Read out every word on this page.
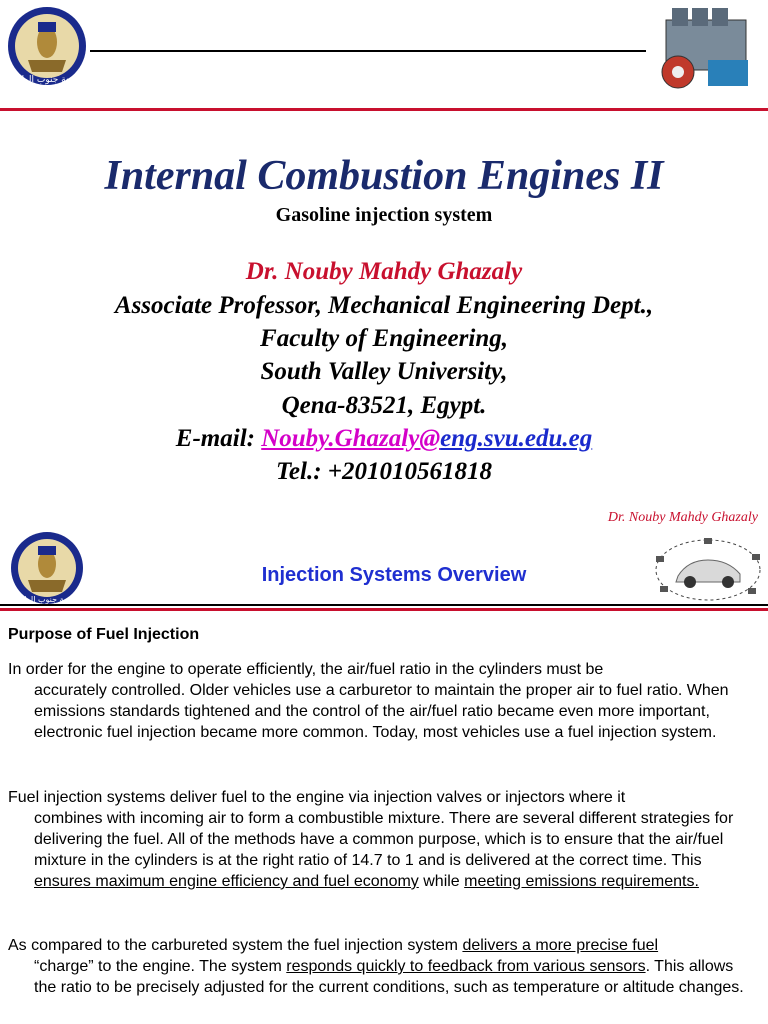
جامعة جنوب الوادي
Internal Combustion Engines II
Gasoline injection system
Dr. Nouby Mahdy Ghazaly
Associate Professor, Mechanical Engineering Dept.,
Faculty of Engineering,
South Valley University,
Qena-83521, Egypt.
E-mail: Nouby.Ghazaly@eng.svu.edu.eg
Tel.: +201010561818
Dr. Nouby Mahdy Ghazaly
جامعة جنوب الوادي
Injection Systems Overview
Purpose of Fuel Injection
In order for the engine to operate efficiently, the air/fuel ratio in the cylinders must be
accurately controlled. Older vehicles use a carburetor to maintain the proper air to fuel ratio. When emissions standards tightened and the control of the air/fuel ratio became even more important, electronic fuel injection became more common. Today, most vehicles use a fuel injection system.
Fuel injection systems deliver fuel to the engine via injection valves or injectors where it
combines with incoming air to form a combustible mixture. There are several different strategies for delivering the fuel. All of the methods have a common purpose, which is to ensure that the air/fuel mixture in the cylinders is at the right ratio of 14.7 to 1 and is delivered at the correct time. This ensures maximum engine efficiency and fuel economy while meeting emissions requirements.
As compared to the carbureted system the fuel injection system delivers a more precise fuel
“charge” to the engine. The system responds quickly to feedback from various sensors. This allows the ratio to be precisely adjusted for the current conditions, such as temperature or altitude changes.
